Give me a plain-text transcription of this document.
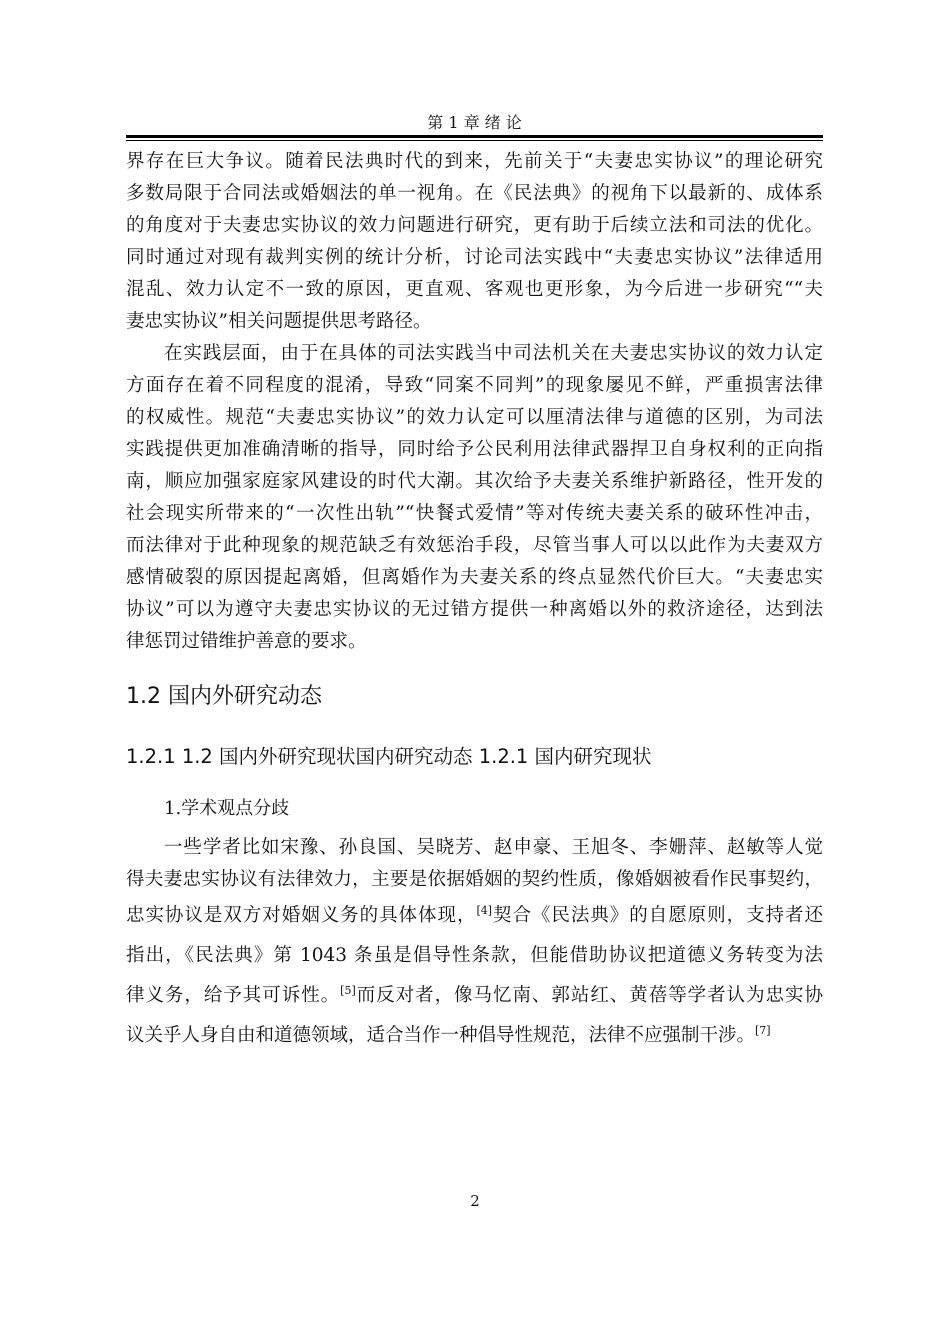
第 1 章 绪 论
界存在巨大争议。随着民法典时代的到来，先前关于“夫妻忠实协议”的理论研究
多数局限于合同法或婚姻法的单一视角。在《民法典》的视角下以最新的、成体系
的角度对于夫妻忠实协议的效力问题进行研究，更有助于后续立法和司法的优化。
同时通过对现有裁判实例的统计分析，讨论司法实践中“夫妻忠实协议”法律适用
混乱、效力认定不一致的原因，更直观、客观也更形象，为今后进一步研究““夫
妻忠实协议”相关问题提供思考路径。
在实践层面，由于在具体的司法实践当中司法机关在夫妻忠实协议的效力认定
方面存在着不同程度的混淆，导致“同案不同判”的现象屡见不鲜，严重损害法律
的权威性。规范“夫妻忠实协议”的效力认定可以厘清法律与道德的区别，为司法
实践提供更加准确清晰的指导，同时给予公民利用法律武器捍卫自身权利的正向指
南，顺应加强家庭家风建设的时代大潮。其次给予夫妻关系维护新路径，性开发的
社会现实所带来的“一次性出轨”“快餐式爱情”等对传统夫妻关系的破环性冲击，
而法律对于此种现象的规范缺乏有效惩治手段，尽管当事人可以以此作为夫妻双方
感情破裂的原因提起离婚，但离婚作为夫妻关系的终点显然代价巨大。“夫妻忠实
协议”可以为遵守夫妻忠实协议的无过错方提供一种离婚以外的救济途径，达到法
律惩罚过错维护善意的要求。
1.2 国内外研究动态
1.2.1 1.2 国内外研究现状国内研究动态 1.2.1 国内研究现状
1.学术观点分歧
一些学者比如宋豫、孙良国、吴晓芳、赵申豪、王旭冬、李姗萍、赵敏等人觉
得夫妻忠实协议有法律效力，主要是依据婚姻的契约性质，像婚姻被看作民事契约，
忠实协议是双方对婚姻义务的具体体现，[4]契合《民法典》的自愿原则，支持者还
指出，《民法典》第 1043 条虽是倡导性条款，但能借助协议把道德义务转变为法
律义务，给予其可诉性。[5]而反对者，像马忆南、郭站红、黄蓓等学者认为忠实协
议关乎人身自由和道德领域，适合当作一种倡导性规范，法律不应强制干涉。[7]
2
